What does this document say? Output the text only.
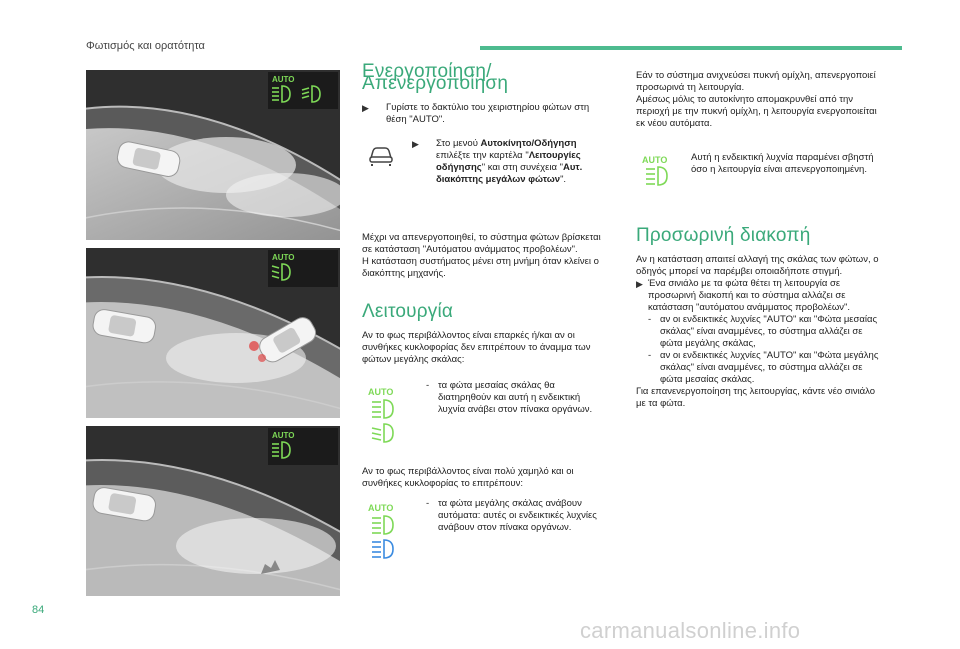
Φωτισμός και ορατότητα
AUTO
AUTO
AUTO
Ενεργοποίηση/Απενεργοποίηση
▶ Γυρίστε το δακτύλιο του χειριστηρίου φώτων στη θέση "AUTO".
▶ Στο μενού Αυτοκίνητο/Οδήγηση επιλέξτε την καρτέλα "Λειτουργίες οδήγησης" και στη συνέχεια "Αυτ. διακόπτης μεγάλων φώτων".

Μέχρι να απενεργοποιηθεί, το σύστημα φώτων βρίσκεται σε κατάσταση "Αυτόματου ανάμματος προβολέων".

Η κατάσταση συστήματος μένει στη μνήμη όταν κλείνει ο διακόπτης μηχανής.

Λειτουργία

Αν το φως περιβάλλοντος είναι επαρκές ή/και αν οι συνθήκες κυκλοφορίας δεν επιτρέπουν το άναμμα των φώτων μεγάλης σκάλας:

AUTO
- τα φώτα μεσαίας σκάλας θα διατηρηθούν και αυτή η ενδεικτική λυχνία ανάβει στον πίνακα οργάνων.

Αν το φως περιβάλλοντος είναι πολύ χαμηλό και οι συνθήκες κυκλοφορίας το επιτρέπουν:

AUTO	- τα φώτα μεγάλης σκάλας ανάβουν αυτόματα: αυτές οι ενδεικτικές λυχνίες ανάβουν στον πίνακα οργάνων.

Εάν το σύστημα ανιχνεύσει πυκνή ομίχλη, απενεργοποιεί προσωρινά τη λειτουργία.

Αμέσως μόλις το αυτοκίνητο απομακρυνθεί από την περιοχή με την πυκνή ομίχλη, η λειτουργία ενεργοποιείται εκ νέου αυτόματα.

AUTO Αυτή η ενδεικτική λυχνία παραμένει σβηστή όσο η λειτουργία είναι απενεργοποιημένη.

Προσωρινή διακοπή

Αν η κατάσταση απαιτεί αλλαγή της σκάλας των φώτων, ο οδηγός μπορεί να παρέμβει οποιαδήποτε στιγμή.

▶ Ένα σινιάλο με τα φώτα θέτει τη λειτουργία σε προσωρινή διακοπή και το σύστημα αλλάζει σε κατάσταση "αυτόματου ανάμματος προβολέων".
- αν οι ενδεικτικές λυχνίες "AUTO" και "Φώτα μεσαίας σκάλας" είναι αναμμένες, το σύστημα αλλάζει σε φώτα μεγάλης σκάλας,
- αν οι ενδεικτικές λυχνίες "AUTO" και "Φώτα μεγάλης σκάλας" είναι αναμμένες, το σύστημα αλλάζει σε φώτα μεσαίας σκάλας.

Για επανενεργοποίηση της λειτουργίας, κάντε νέο σινιάλο με τα φώτα.

84
carmanualsonline.info
